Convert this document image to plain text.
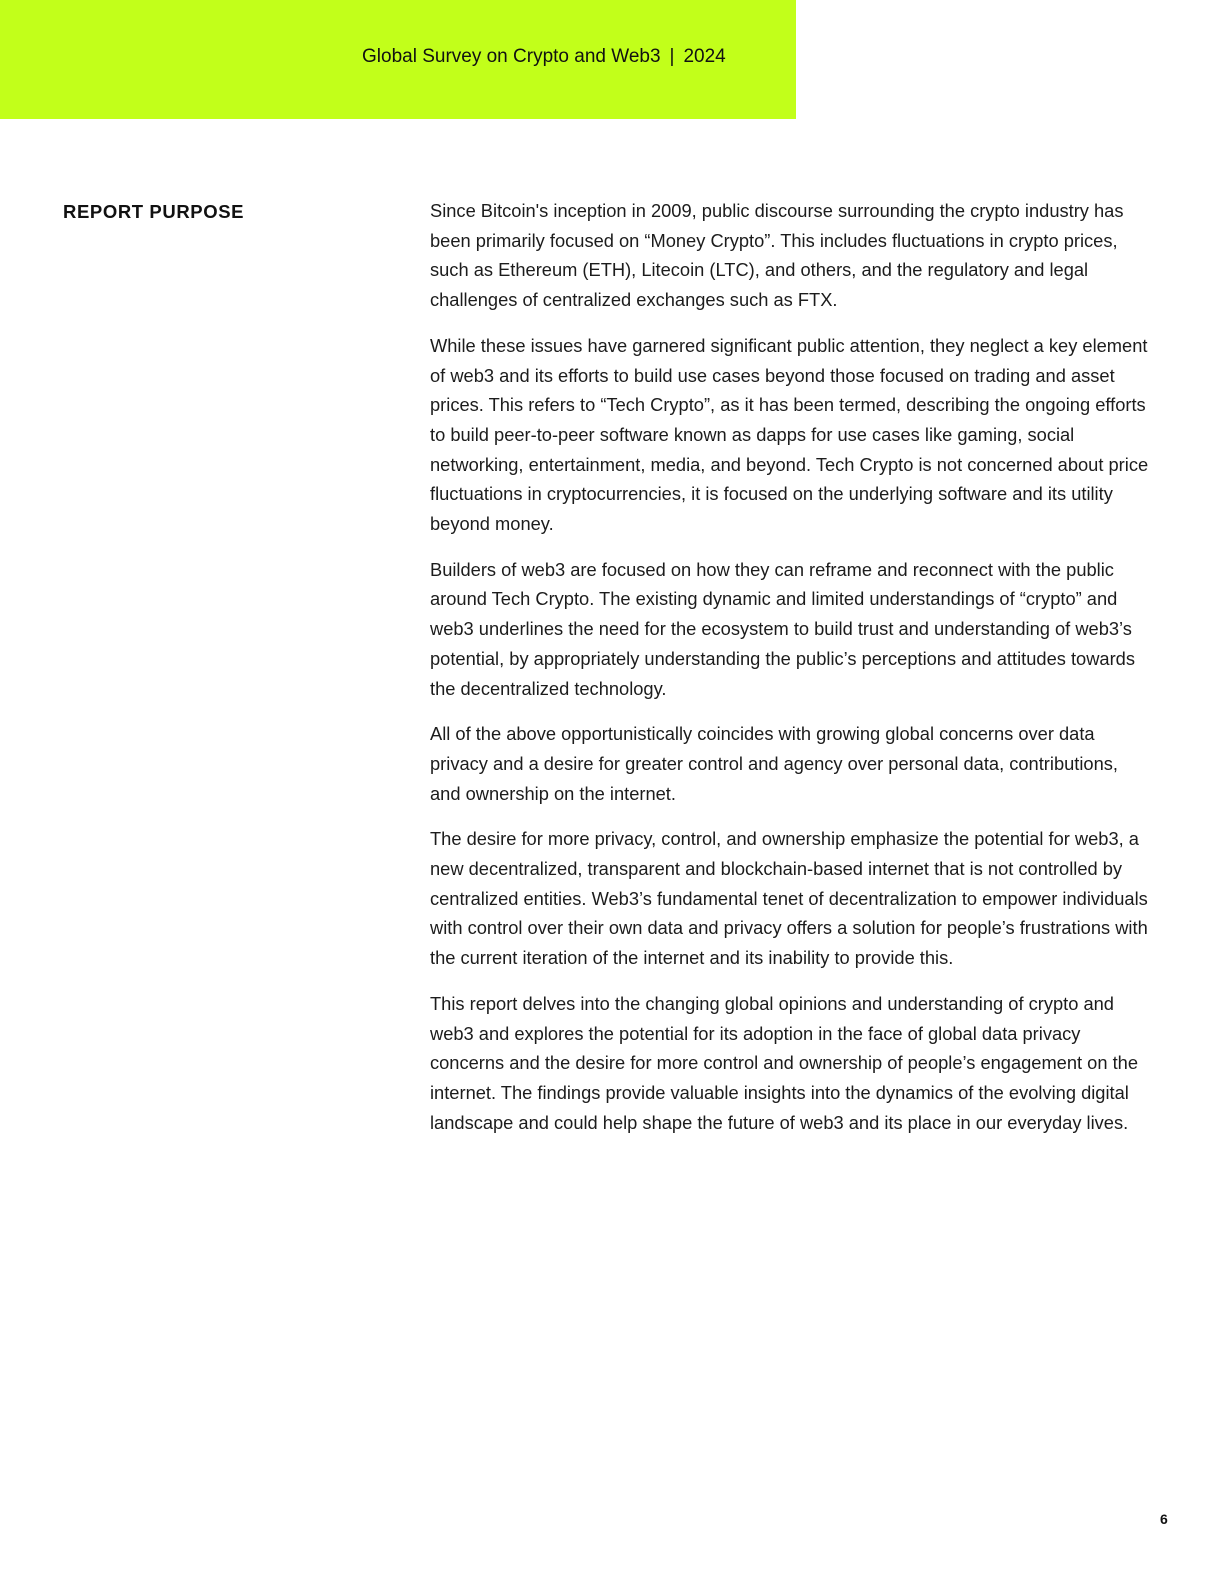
Global Survey on Crypto and Web3 | 2024
REPORT PURPOSE	Since Bitcoin's inception in 2009, public discourse surrounding the crypto industry has been primarily focused on “Money Crypto”. This includes fluctuations in crypto prices, such as Ethereum (ETH), Litecoin (LTC), and others, and the regulatory and legal challenges of centralized exchanges such as FTX.

While these issues have garnered significant public attention, they neglect a key element of web3 and its efforts to build use cases beyond those focused on trading and asset prices. This refers to “Tech Crypto”, as it has been termed, describing the ongoing efforts to build peer-to-peer software known as dapps for use cases like gaming, social networking, entertainment, media, and beyond. Tech Crypto is not concerned about price fluctuations in cryptocurrencies, it is focused on the underlying software and its utility beyond money.

Builders of web3 are focused on how they can reframe and reconnect with the public around Tech Crypto. The existing dynamic and limited understandings of “crypto” and web3 underlines the need for the ecosystem to build trust and understanding of web3’s potential, by appropriately understanding the public’s perceptions and attitudes towards the decentralized technology.

All of the above opportunistically coincides with growing global concerns over data privacy and a desire for greater control and agency over personal data, contributions, and ownership on the internet.

The desire for more privacy, control, and ownership emphasize the potential for web3, a new decentralized, transparent and blockchain-based internet that is not controlled by centralized entities. Web3’s fundamental tenet of decentralization to empower individuals with control over their own data and privacy offers a solution for people’s frustrations with the current iteration of the internet and its inability to provide this.

This report delves into the changing global opinions and understanding of crypto and web3 and explores the potential for its adoption in the face of global data privacy concerns and the desire for more control and ownership of people’s engagement on the internet. The findings provide valuable insights into the dynamics of the evolving digital landscape and could help shape the future of web3 and its place in our everyday lives.

6
